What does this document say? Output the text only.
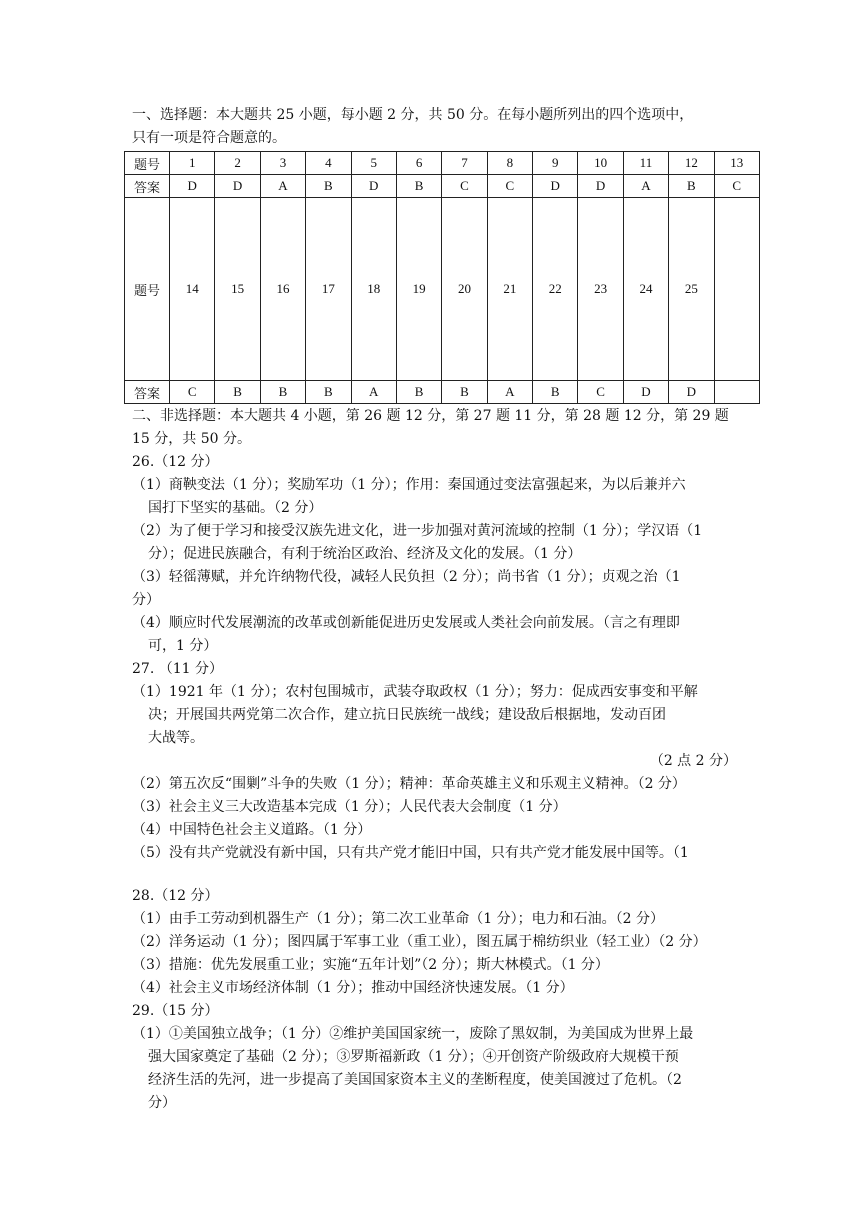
一、选择题：本大题共 25 小题，每小题 2 分，共 50 分。在每小题所列出的四个选项中，
只有一项是符合题意的。
题号	1	2	3	4	5	6	7	8	9	10	11	12	13
答案	D	D	A	B	D	B	C	C	D	D	A	B	C
题号	14	15	16	17	18	19	20	21	22	23	24	25	
答案	C	B	B	B	A	B	B	A	B	C	D	D	
二、非选择题：本大题共 4 小题，第 26 题 12 分，第 27 题 11 分，第 28 题 12 分，第 29 题
15 分，共 50 分。
26.（12 分）
（1）商鞅变法（1 分）；奖励军功（1 分）；作用：秦国通过变法富强起来，为以后兼并六
国打下坚实的基础。（2 分）
（2）为了便于学习和接受汉族先进文化，进一步加强对黄河流域的控制（1 分）；学汉语（1
分）；促进民族融合，有利于统治区政治、经济及文化的发展。（1 分）
（3）轻徭薄赋，并允许纳物代役，减轻人民负担（2 分）；尚书省（1 分）；贞观之治（1
分）
（4）顺应时代发展潮流的改革或创新能促进历史发展或人类社会向前发展。（言之有理即
可，1 分）
27. （11 分）
（1）1921 年（1 分）；农村包围城市，武装夺取政权（1 分）；努力：促成西安事变和平解
决；开展国共两党第二次合作，建立抗日民族统一战线；建设敌后根据地，发动百团
大战等。
（2 点 2 分）
（2）第五次反“围剿”斗争的失败（1 分）；精神：革命英雄主义和乐观主义精神。（2 分）
（3）社会主义三大改造基本完成（1 分）；人民代表大会制度（1 分）
（4）中国特色社会主义道路。（1 分）
（5）没有共产党就没有新中国，只有共产党才能旧中国，只有共产党才能发展中国等。（1
28.（12 分）
（1）由手工劳动到机器生产（1 分）；第二次工业革命（1 分）；电力和石油。（2 分）
（2）洋务运动（1 分）；图四属于军事工业（重工业），图五属于棉纺织业（轻工业）（2 分）
（3）措施：优先发展重工业；实施“五年计划”（2 分）；斯大林模式。（1 分）
（4）社会主义市场经济体制（1 分）；推动中国经济快速发展。（1 分）
29.（15 分）
（1）①美国独立战争；（1 分）②维护美国国家统一，废除了黑奴制，为美国成为世界上最
强大国家奠定了基础（2 分）；③罗斯福新政（1 分）；④开创资产阶级政府大规模干预
经济生活的先河，进一步提高了美国国家资本主义的垄断程度，使美国渡过了危机。（2
分）
